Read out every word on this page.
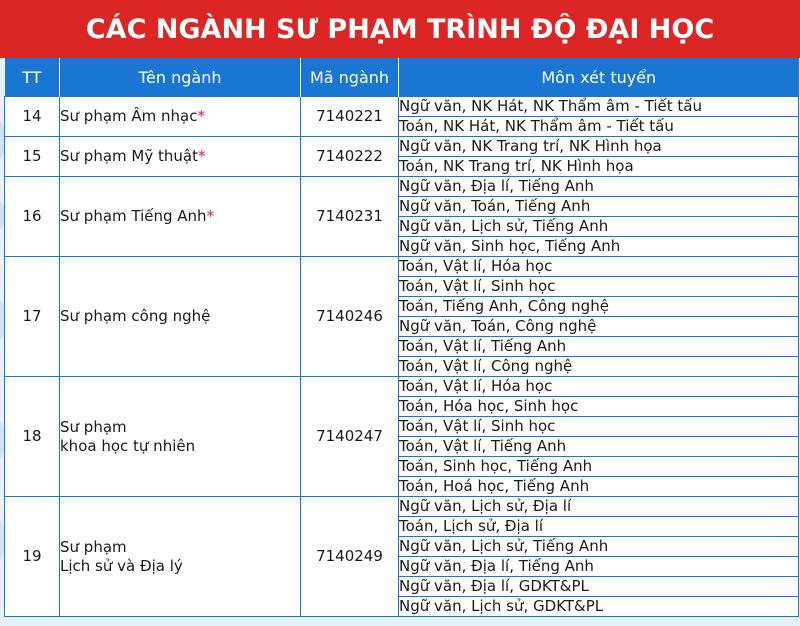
CÁC NGÀNH SƯ PHẠM TRÌNH ĐỘ ĐẠI HỌC
TT	Tên ngành	Mã ngành	Môn xét tuyển
14	Sư phạm Âm nhạc*	7140221	Ngữ văn, NK Hát, NK Thẩm âm - Tiết tấu
			Toán, NK Hát, NK Thẩm âm - Tiết tấu
15	Sư phạm Mỹ thuật*	7140222	Ngữ văn, NK Trang trí, NK Hình họa
			Toán, NK Trang trí, NK Hình họa
16	Sư phạm Tiếng Anh*	7140231	Ngữ văn, Địa lí, Tiếng Anh
			Ngữ văn, Toán, Tiếng Anh
			Ngữ văn, Lịch sử, Tiếng Anh
			Ngữ văn, Sinh học, Tiếng Anh
17	Sư phạm công nghệ	7140246	Toán, Vật lí, Hóa học
			Toán, Vật lí, Sinh học
			Toán, Tiếng Anh, Công nghệ
			Ngữ văn, Toán, Công nghệ
			Toán, Vật lí, Tiếng Anh
			Toán, Vật lí, Công nghệ
18	Sư phạm
khoa học tự nhiên	7140247	Toán, Vật lí, Hóa học
			Toán, Hóa học, Sinh học
			Toán, Vật lí, Sinh học
			Toán, Vật lí, Tiếng Anh
			Toán, Sinh học, Tiếng Anh
			Toán, Hoá học, Tiếng Anh
19	Sư phạm
Lịch sử và Địa lý	7140249	Ngữ văn, Lịch sử, Địa lí
			Toán, Lịch sử, Địa lí
			Ngữ văn, Lịch sử, Tiếng Anh
			Ngữ văn, Địa lí, Tiếng Anh
			Ngữ văn, Địa lí, GDKT&PL
			Ngữ văn, Lịch sử, GDKT&PL
